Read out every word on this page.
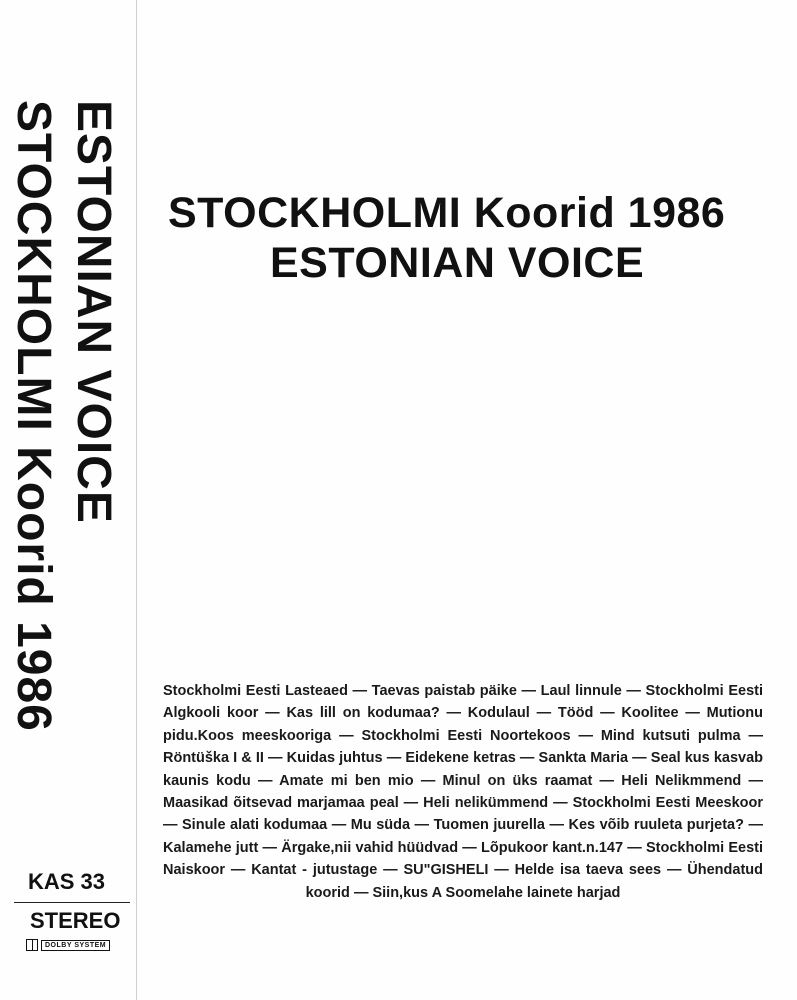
ESTONIAN VOICE
STOCKHOLMI Koorid 1986
KAS 33
STEREO
DOLBY SYSTEM
STOCKHOLMI Koorid 1986
ESTONIAN VOICE
Stockholmi Eesti Lasteaed — Taevas paistab päike — Laul linnule — Stockholmi Eesti Algkooli koor — Kas lill on kodumaa? — Kodulaul — Tööd — Koolitee — Mutionu pidu.Koos meeskooriga — Stockholmi Eesti Noortekoos — Mind kutsuti pulma — Röntüška I & II — Kuidas juhtus — Eidekene ketras — Sankta Maria — Seal kus kasvab kaunis kodu — Amate mi ben mio — Minul on üks raamat — Heli Nelikmmend — Maasikad õitsevad marjamaa peal — Heli nelikümmend — Stockholmi Eesti Meeskoor — Sinule alati kodumaa — Mu süda — Tuomen juurella — Kes võib ruuleta purjeta? — Kalamehe jutt — Ärgake,nii vahid hüüdvad — Lõpukoor kant.n.147 — Stockholmi Eesti Naiskoor — Kantat - jutustage — SU"GISHELI — Helde isa taeva sees — Ühendatud koorid — Siin,kus A Soomelahe lainete harjad
